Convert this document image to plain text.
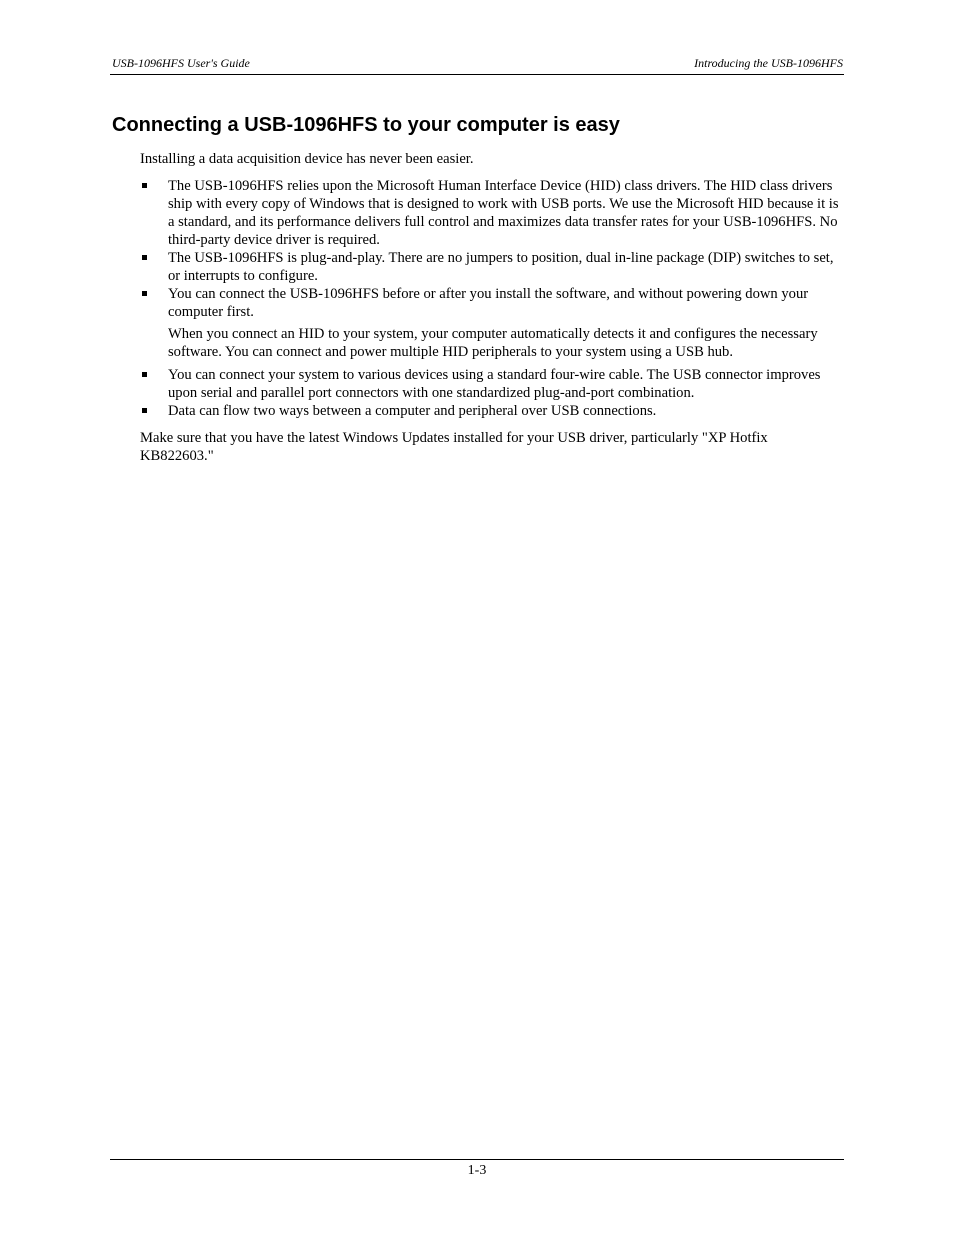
USB-1096HFS User's Guide	Introducing the USB-1096HFS
Connecting a USB-1096HFS to your computer is easy

Installing a data acquisition device has never been easier.

The USB-1096HFS relies upon the Microsoft Human Interface Device (HID) class drivers. The HID class drivers ship with every copy of Windows that is designed to work with USB ports. We use the Microsoft HID because it is a standard, and its performance delivers full control and maximizes data transfer rates for your USB-1096HFS. No third-party device driver is required.
The USB-1096HFS is plug-and-play. There are no jumpers to position, dual in-line package (DIP) switches to set, or interrupts to configure.
You can connect the USB-1096HFS before or after you install the software, and without powering down your computer first.

When you connect an HID to your system, your computer automatically detects it and configures the necessary software. You can connect and power multiple HID peripherals to your system using a USB hub.

You can connect your system to various devices using a standard four-wire cable. The USB connector improves upon serial and parallel port connectors with one standardized plug-and-port combination.
Data can flow two ways between a computer and peripheral over USB connections.

Make sure that you have the latest Windows Updates installed for your USB driver, particularly "XP Hotfix KB822603."

1-3
